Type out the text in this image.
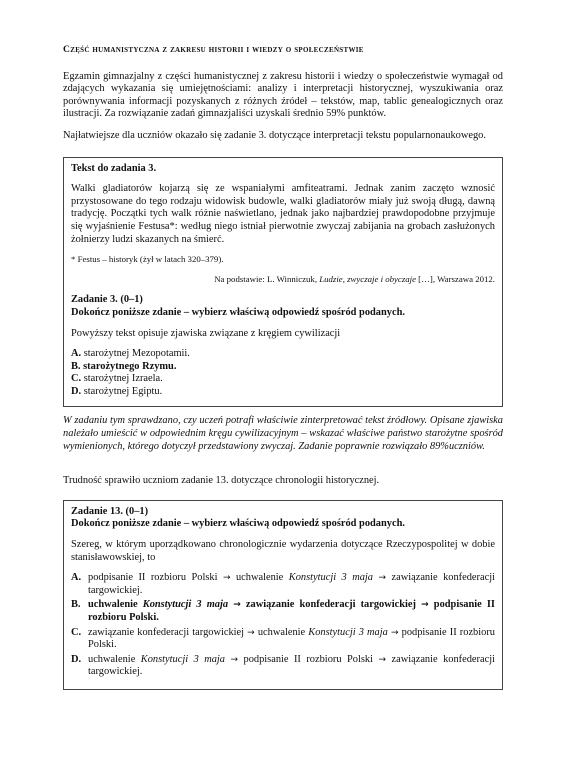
Część humanistyczna z zakresu historii i wiedzy o społeczeństwie

Egzamin gimnazjalny z części humanistycznej z zakresu historii i wiedzy o społeczeństwie wymagał od zdających wykazania się umiejętnościami: analizy i interpretacji historycznej, wyszukiwania oraz porównywania informacji pozyskanych z różnych źródeł – tekstów, map, tablic genealogicznych oraz ilustracji. Za rozwiązanie zadań gimnazjaliści uzyskali średnio 59% punktów.

Najłatwiejsze dla uczniów okazało się zadanie 3. dotyczące interpretacji tekstu popularnonaukowego.

Tekst do zadania 3.

Walki gladiatorów kojarzą się ze wspaniałymi amfiteatrami. Jednak zanim zaczęto wznosić przystosowane do tego rodzaju widowisk budowle, walki gladiatorów miały już swoją długą, dawną tradycję. Początki tych walk różnie naświetlano, jednak jako najbardziej prawdopodobne przyjmuje się wyjaśnienie Festusa*: według niego istniał pierwotnie zwyczaj zabijania na grobach zasłużonych żołnierzy ludzi skazanych na śmierć.

* Festus – historyk (żył w latach 320–379).

Na podstawie: L. Winniczuk, Ludzie, zwyczaje i obyczaje […], Warszawa 2012.

Zadanie 3. (0–1)

Dokończ poniższe zdanie – wybierz właściwą odpowiedź spośród podanych.

Powyższy tekst opisuje zjawiska związane z kręgiem cywilizacji

A. starożytnej Mezopotamii.
B. starożytnego Rzymu.
C. starożytnej Izraela.
D. starożytnej Egiptu.

W zadaniu tym sprawdzano, czy uczeń potrafi właściwie zinterpretować tekst źródłowy. Opisane zjawiska należało umieścić w odpowiednim kręgu cywilizacyjnym – wskazać właściwe państwo starożytne spośród wymienionych, którego dotyczył przedstawiony zwyczaj. Zadanie poprawnie rozwiązało 89%uczniów.

Trudność sprawiło uczniom zadanie 13. dotyczące chronologii historycznej.

Zadanie 13. (0–1)

Dokończ poniższe zdanie – wybierz właściwą odpowiedź spośród podanych.

Szereg, w którym uporządkowano chronologicznie wydarzenia dotyczące Rzeczypospolitej w dobie stanisławowskiej, to

A. podpisanie II rozbioru Polski → uchwalenie Konstytucji 3 maja → zawiązanie konfederacji targowickiej.
B. uchwalenie Konstytucji 3 maja → zawiązanie konfederacji targowickiej → podpisanie II rozbioru Polski.
C. zawiązanie konfederacji targowickiej → uchwalenie Konstytucji 3 maja → podpisanie II rozbioru Polski.
D. uchwalenie Konstytucji 3 maja → podpisanie II rozbioru Polski → zawiązanie konfederacji targowickiej.
